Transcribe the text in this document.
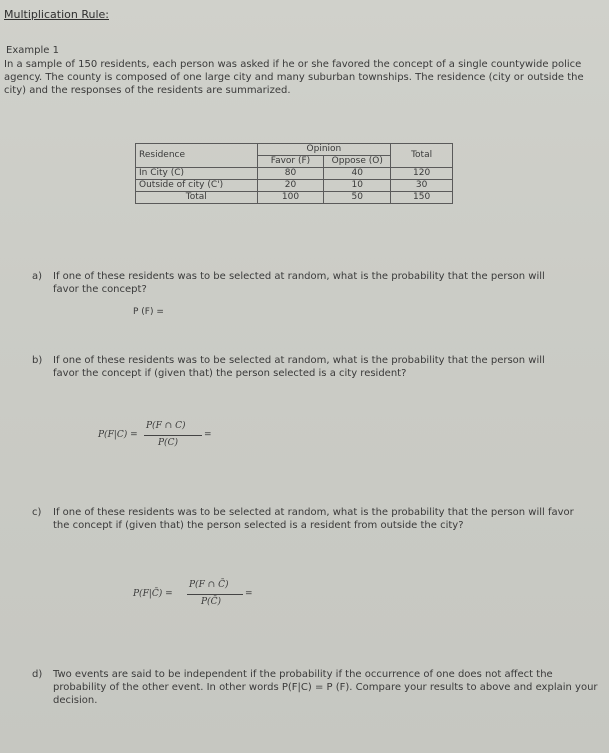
Multiplication Rule:
Example 1
In a sample of 150 residents, each person was asked if he or she favored the concept of a single countywide police agency. The county is composed of one large city and many suburban townships. The residence (city or outside the city) and the responses of the residents are summarized.
Residence	Opinion		Total
	Favor (F)	Oppose (O)	
In City (C)	80	40	120
Outside of city (C')	20	10	30
Total	100	50	150
a) If one of these residents was to be selected at random, what is the probability that the person will favor the concept?
P (F) =
b) If one of these residents was to be selected at random, what is the probability that the person will favor the concept if (given that) the person selected is a city resident?
P(F|C) =
P(F ∩ C)
P(C)
=
c) If one of these residents was to be selected at random, what is the probability that the person will favor the concept if (given that) the person selected is a resident from outside the city?
P(F|C̄) =
P(F ∩ C̄)
P(C̄)
=
d) Two events are said to be independent if the probability if the occurrence of one does not affect the probability of the other event. In other words P(F|C) = P (F). Compare your results to above and explain your decision.
